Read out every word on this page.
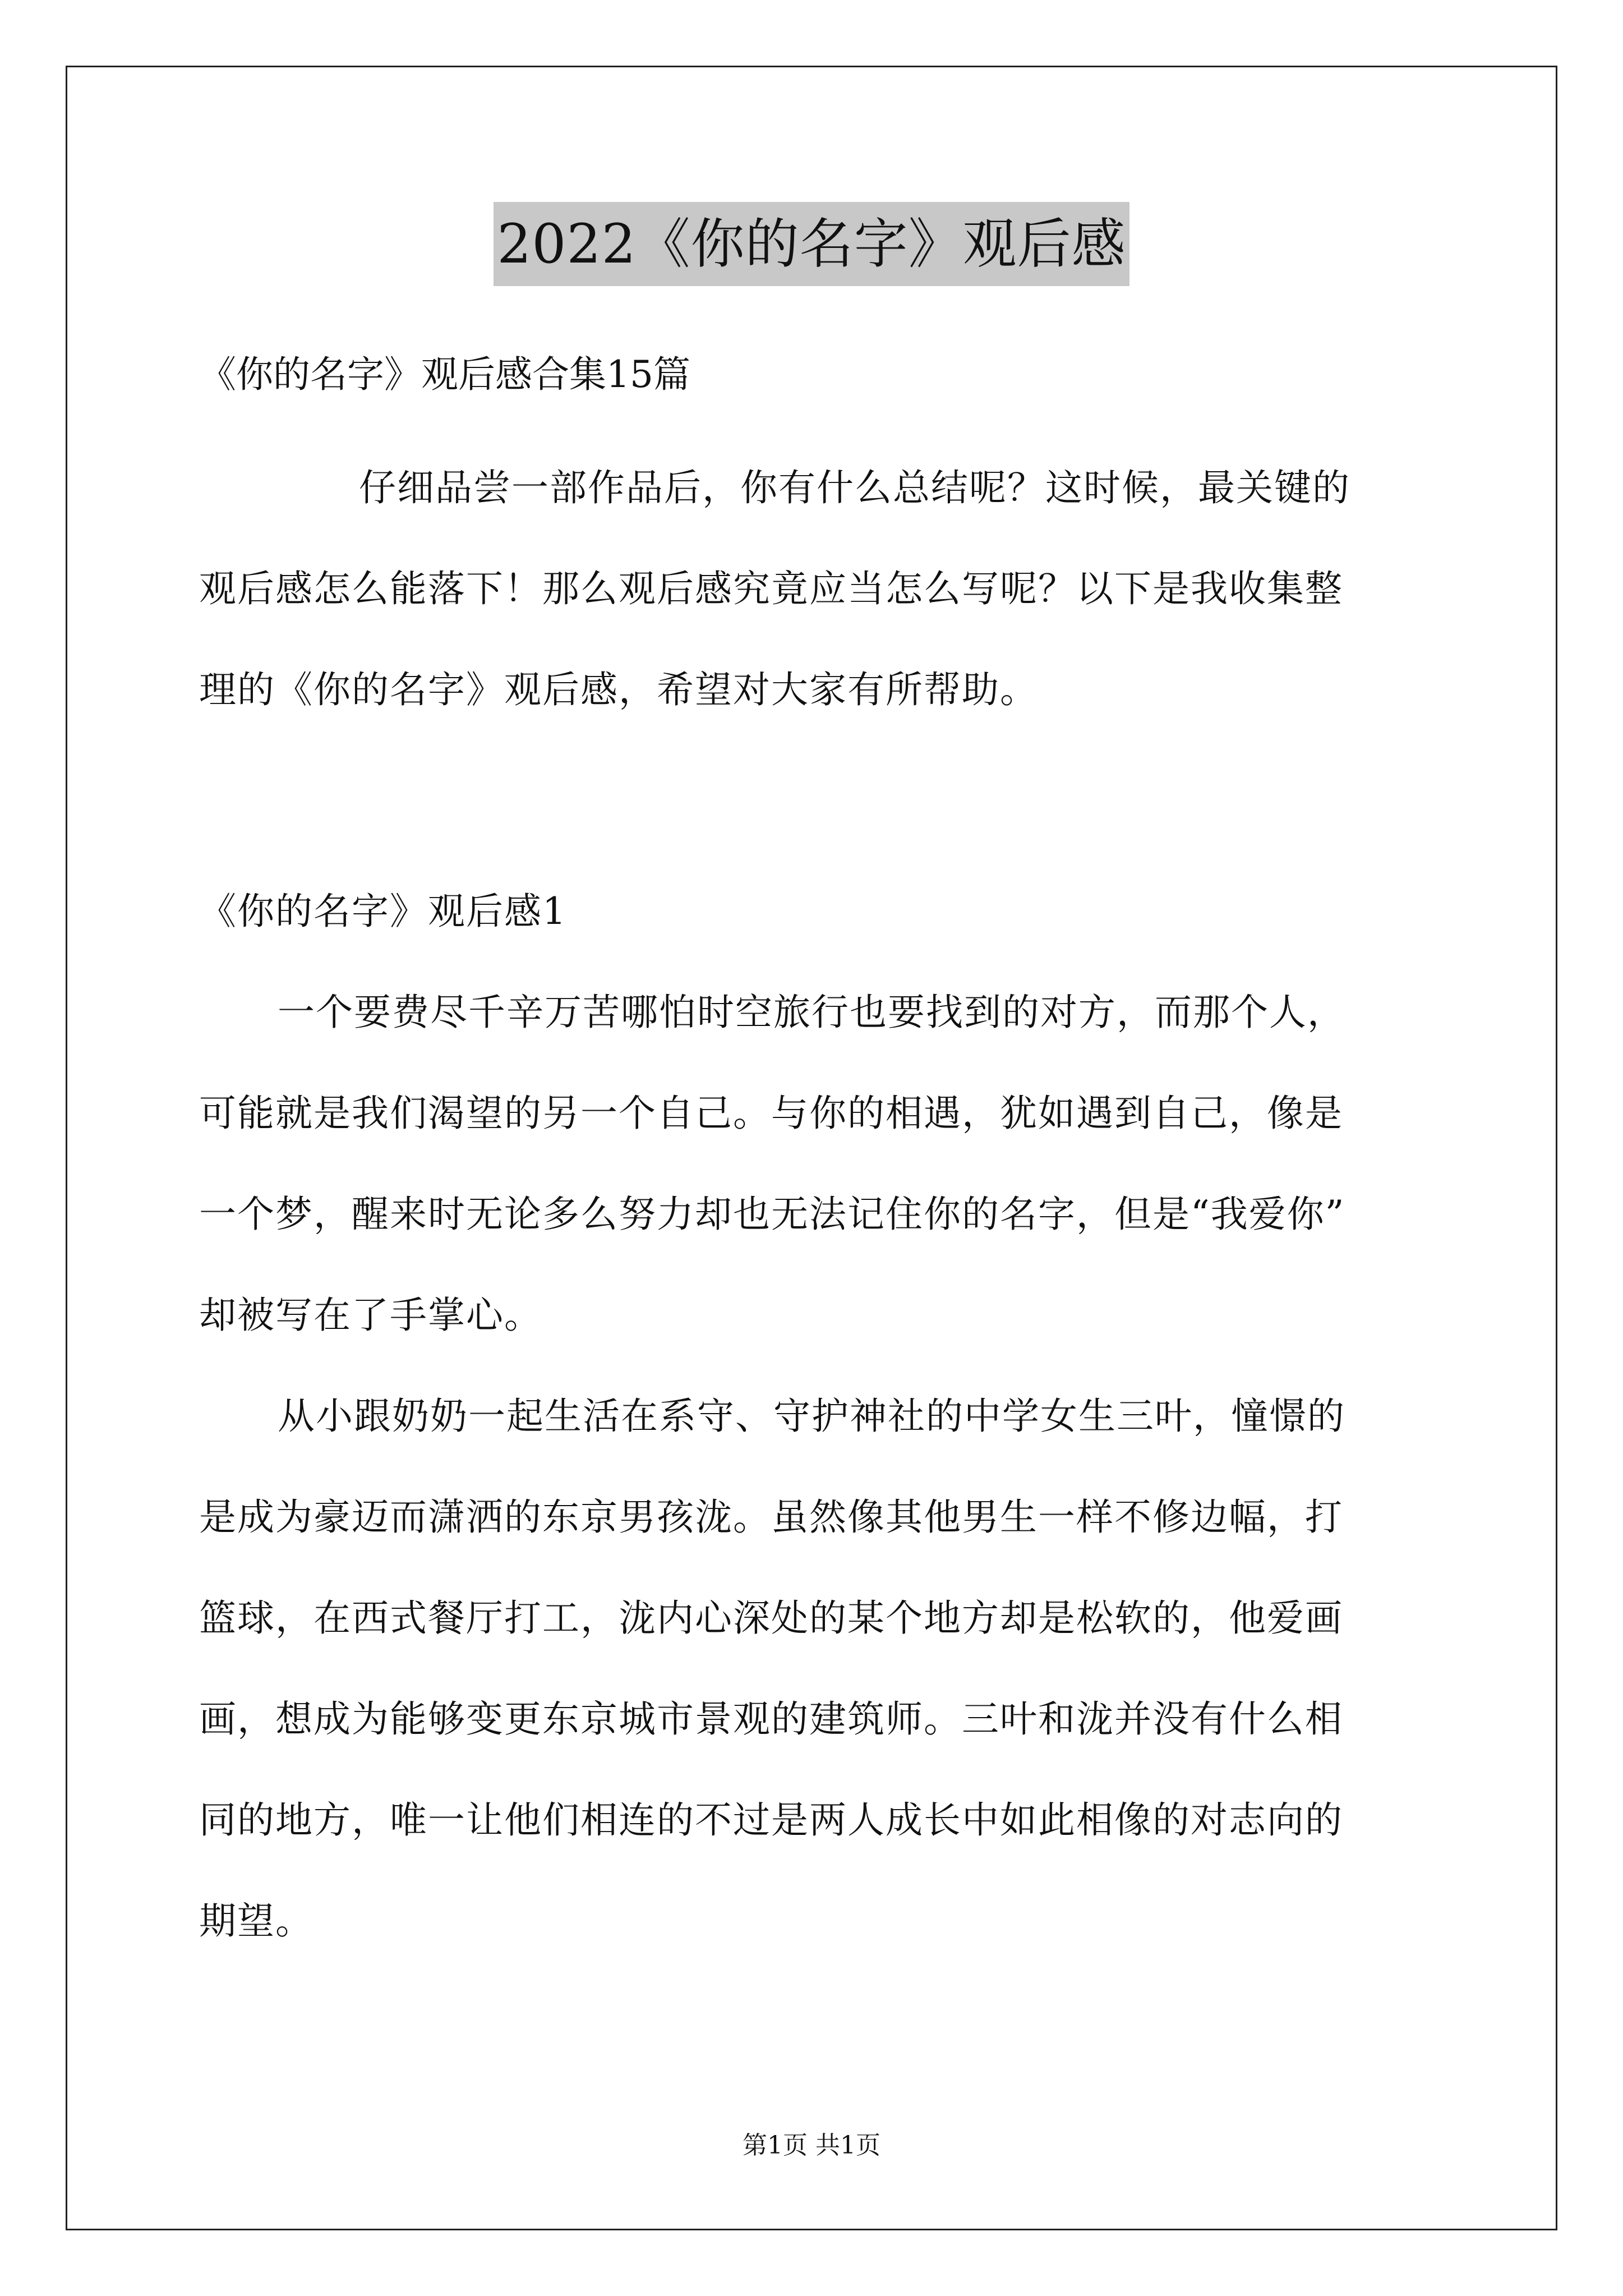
2022《你的名字》观后感
《你的名字》观后感合集15篇
仔细品尝一部作品后，你有什么总结呢？这时候，最关键的
观后感怎么能落下！那么观后感究竟应当怎么写呢？以下是我收集整
理的《你的名字》观后感，希望对大家有所帮助。
《你的名字》观后感1
一个要费尽千辛万苦哪怕时空旅行也要找到的对方，而那个人，
可能就是我们渴望的另一个自己。与你的相遇，犹如遇到自己，像是
一个梦，醒来时无论多么努力却也无法记住你的名字，但是“我爱你”
却被写在了手掌心。
从小跟奶奶一起生活在系守、守护神社的中学女生三叶，憧憬的
是成为豪迈而潇洒的东京男孩泷。虽然像其他男生一样不修边幅，打
篮球，在西式餐厅打工，泷内心深处的某个地方却是松软的，他爱画
画，想成为能够变更东京城市景观的建筑师。三叶和泷并没有什么相
同的地方，唯一让他们相连的不过是两人成长中如此相像的对志向的
期望。
第1页 共1页
